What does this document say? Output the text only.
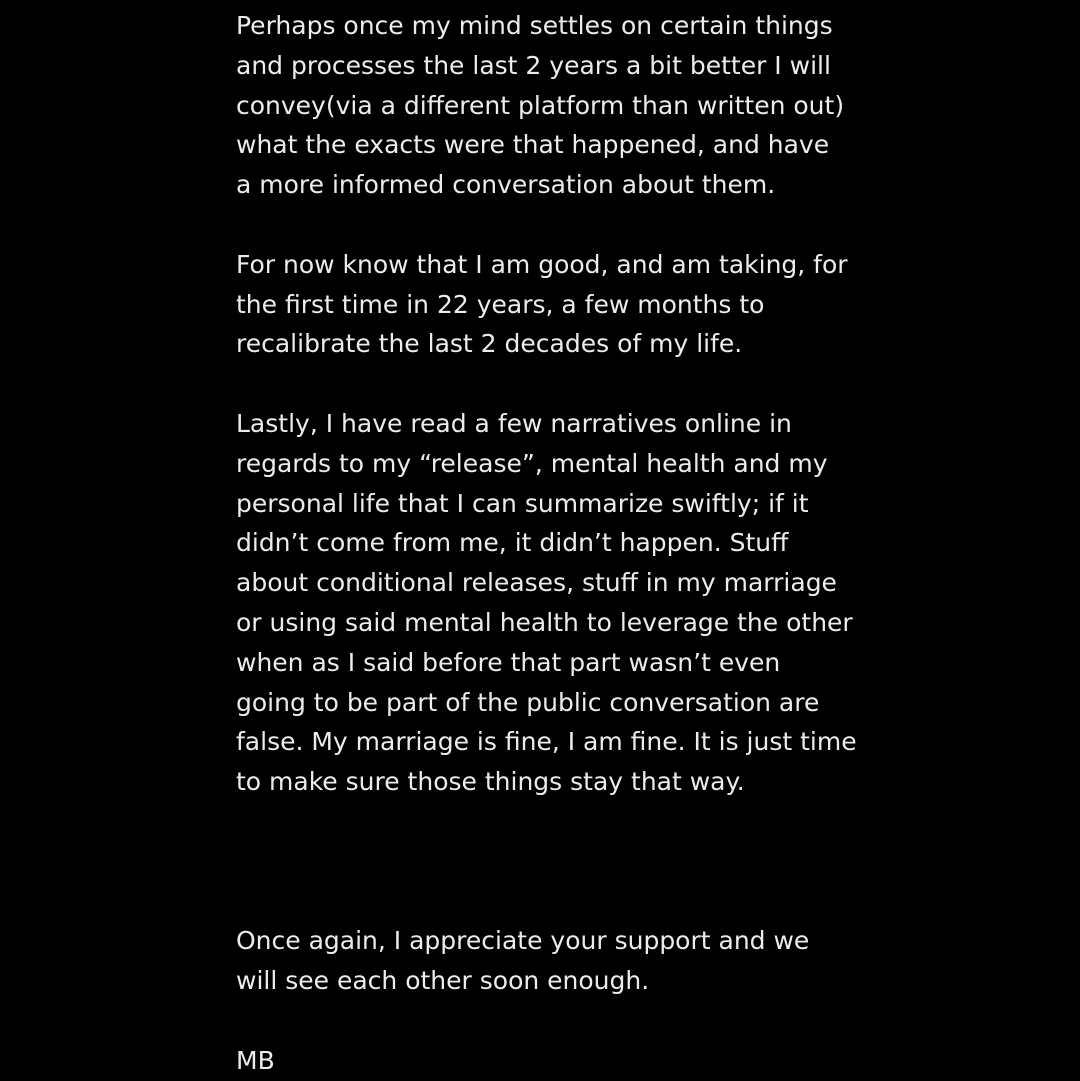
Perhaps once my mind settles on certain things
and processes the last 2 years a bit better I will
convey(via a different platform than written out)
what the exacts were that happened, and have
a more informed conversation about them.
For now know that I am good, and am taking, for
the first time in 22 years, a few months to
recalibrate the last 2 decades of my life.
Lastly, I have read a few narratives online in
regards to my “release”, mental health and my
personal life that I can summarize swiftly; if it
didn’t come from me, it didn’t happen. Stuff
about conditional releases, stuff in my marriage
or using said mental health to leverage the other
when as I said before that part wasn’t even
going to be part of the public conversation are
false. My marriage is fine, I am fine. It is just time
to make sure those things stay that way.
Once again, I appreciate your support and we
will see each other soon enough.
MB
